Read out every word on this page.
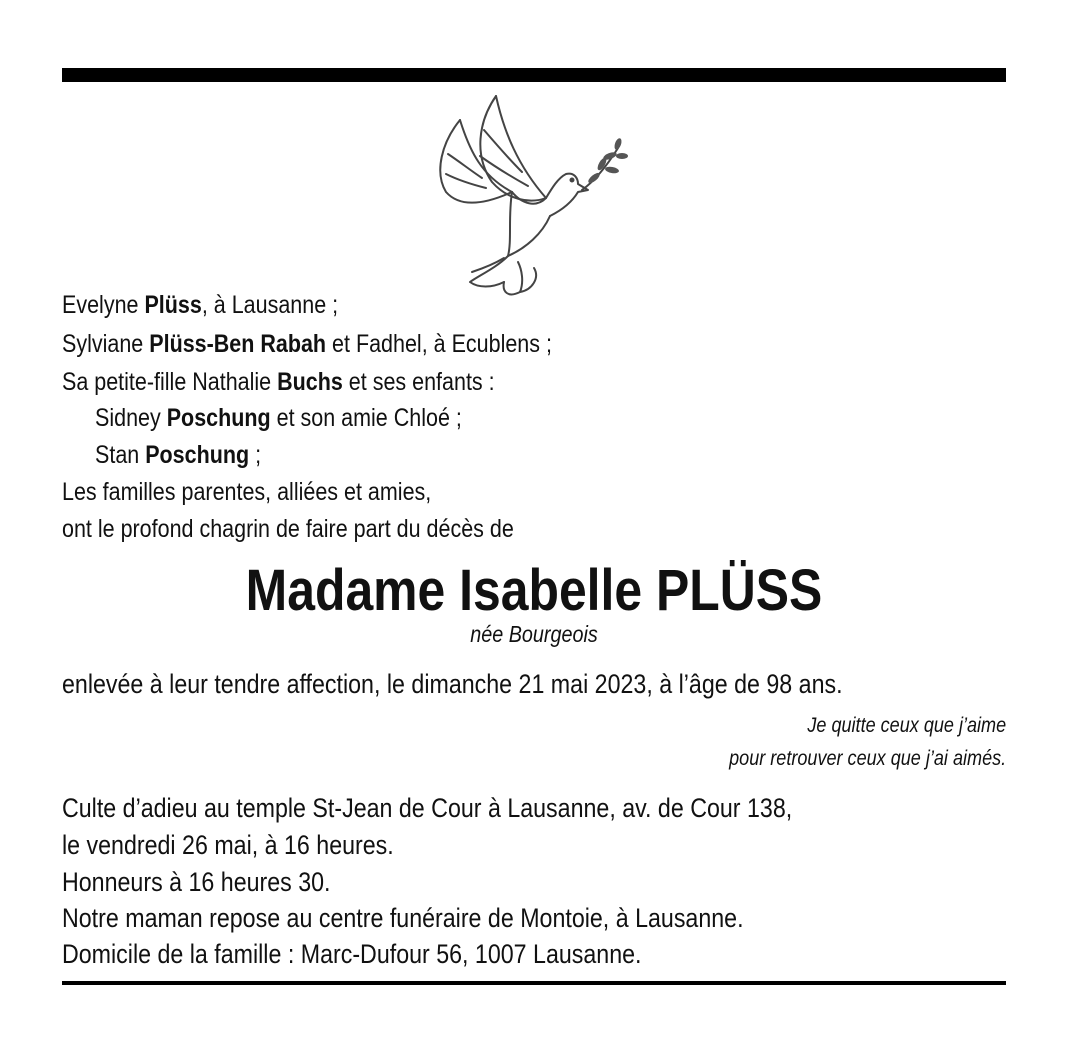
Evelyne Plüss, à Lausanne ;
Sylviane Plüss-Ben Rabah et Fadhel, à Ecublens ;
Sa petite-fille Nathalie Buchs et ses enfants :
Sidney Poschung et son amie Chloé ;
Stan Poschung ;
Les familles parentes, alliées et amies,
ont le profond chagrin de faire part du décès de
Madame Isabelle PLÜSS
née Bourgeois
enlevée à leur tendre affection, le dimanche 21 mai 2023, à l’âge de 98 ans.
Je quitte ceux que j’aime
pour retrouver ceux que j’ai aimés.
Culte d’adieu au temple St-Jean de Cour à Lausanne, av. de Cour 138,
le vendredi 26 mai, à 16 heures.
Honneurs à 16 heures 30.
Notre maman repose au centre funéraire de Montoie, à Lausanne.
Domicile de la famille : Marc-Dufour 56, 1007 Lausanne.
